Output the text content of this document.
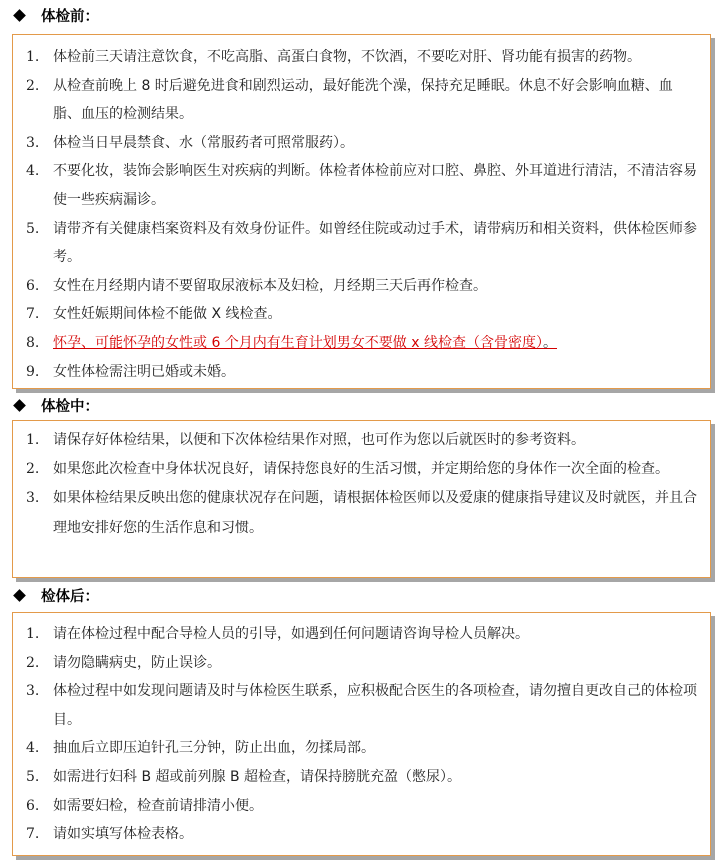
体检前：
1. 体检前三天请注意饮食，不吃高脂、高蛋白食物，不饮酒，不要吃对肝、肾功能有损害的药物。
2. 从检查前晚上 8 时后避免进食和剧烈运动，最好能洗个澡，保持充足睡眠。休息不好会影响血糖、血脂、血压的检测结果。
3. 体检当日早晨禁食、水（常服药者可照常服药）。
4. 不要化妆，装饰会影响医生对疾病的判断。体检者体检前应对口腔、鼻腔、外耳道进行清洁，不清洁容易使一些疾病漏诊。
5. 请带齐有关健康档案资料及有效身份证件。如曾经住院或动过手术，请带病历和相关资料，供体检医师参考。
6. 女性在月经期内请不要留取尿液标本及妇检，月经期三天后再作检查。
7. 女性妊娠期间体检不能做 X 线检查。
8. 怀孕、可能怀孕的女性或 6 个月内有生育计划男女不要做 x 线检查（含骨密度）。
9. 女性体检需注明已婚或未婚。
体检中：
1. 请保存好体检结果，以便和下次体检结果作对照，也可作为您以后就医时的参考资料。
2. 如果您此次检查中身体状况良好，请保持您良好的生活习惯，并定期给您的身体作一次全面的检查。
3. 如果体检结果反映出您的健康状况存在问题，请根据体检医师以及爱康的健康指导建议及时就医，并且合理地安排好您的生活作息和习惯。
检体后：
1. 请在体检过程中配合导检人员的引导，如遇到任何问题请咨询导检人员解决。
2. 请勿隐瞒病史，防止误诊。
3. 体检过程中如发现问题请及时与体检医生联系，应积极配合医生的各项检查，请勿擅自更改自己的体检项目。
4. 抽血后立即压迫针孔三分钟，防止出血，勿揉局部。
5. 如需进行妇科 B 超或前列腺 B 超检查，请保持膀胱充盈（憋尿）。
6. 如需要妇检，检查前请排清小便。
7. 请如实填写体检表格。
